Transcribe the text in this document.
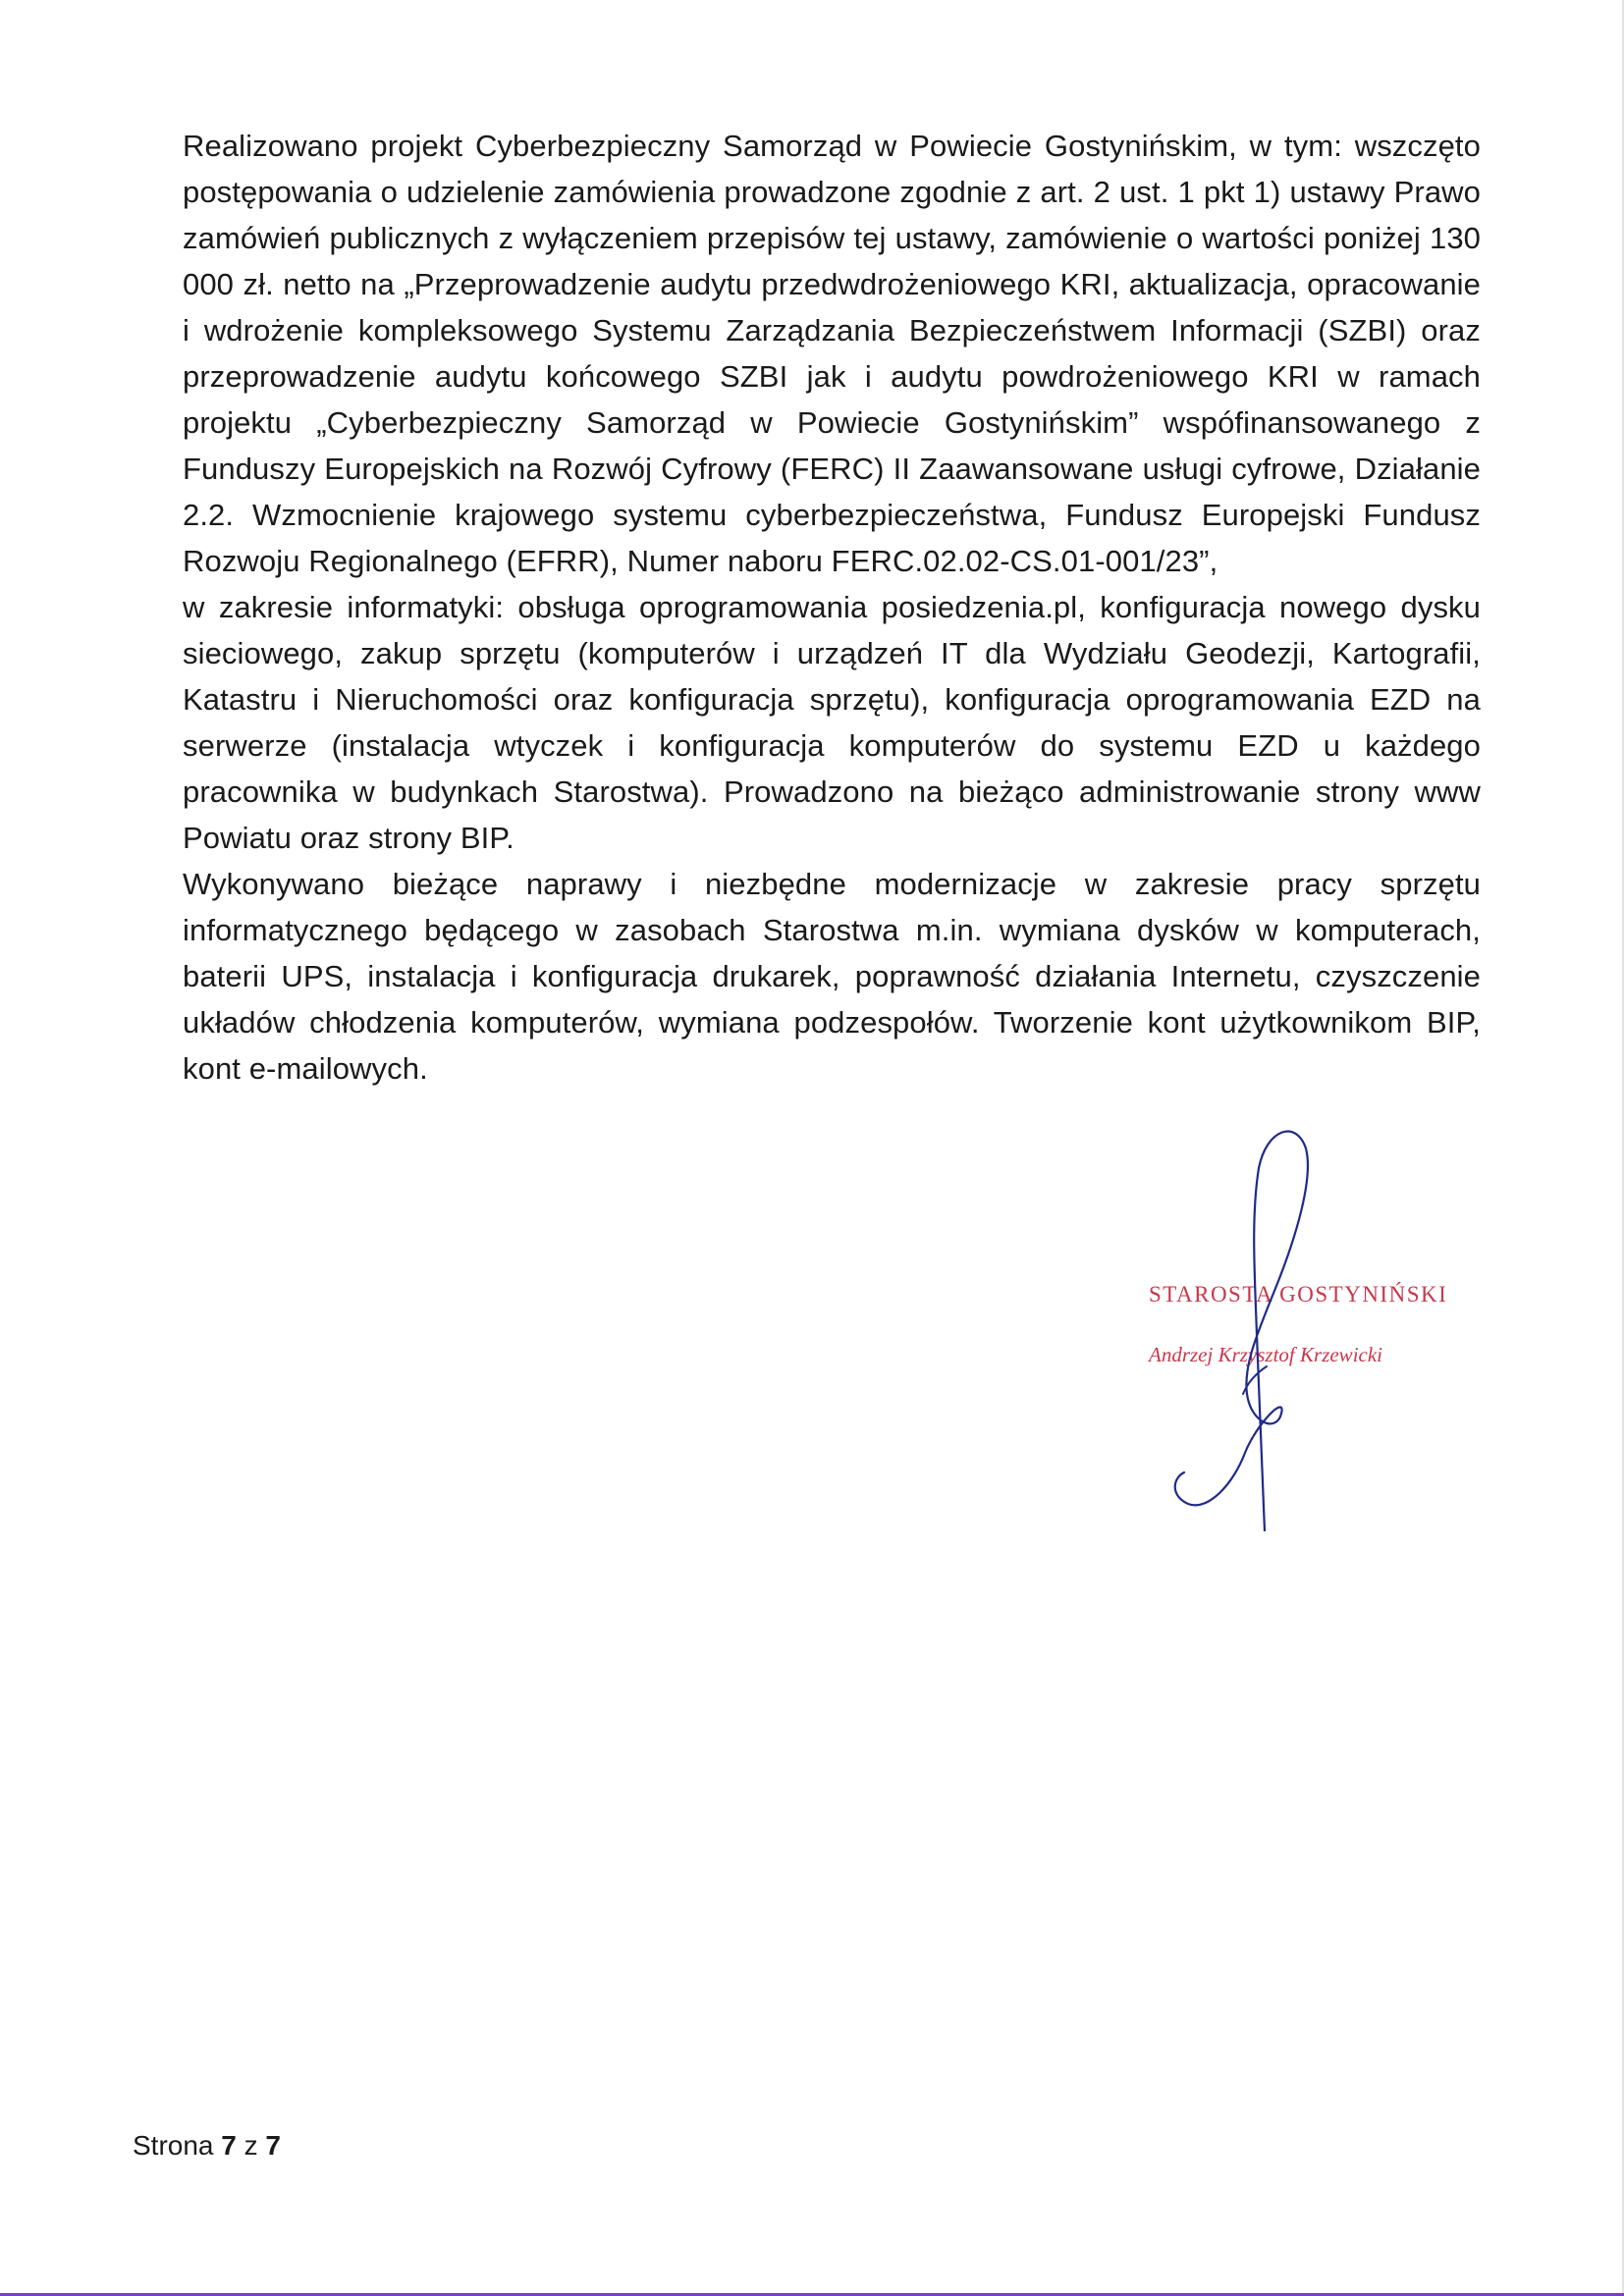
Realizowano projekt Cyberbezpieczny Samorząd w Powiecie Gostynińskim, w tym: wszczęto postępowania o udzielenie zamówienia prowadzone zgodnie z art. 2 ust. 1 pkt 1) ustawy Prawo zamówień publicznych z wyłączeniem przepisów tej ustawy, zamówienie o wartości poniżej 130 000 zł. netto na „Przeprowadzenie audytu przedwdrożeniowego KRI, aktualizacja, opracowanie i wdrożenie kompleksowego Systemu Zarządzania Bezpieczeństwem Informacji (SZBI) oraz przeprowadzenie audytu końcowego SZBI jak i audytu powdrożeniowego KRI w ramach projektu „Cyberbezpieczny Samorząd w Powiecie Gostynińskim” wspófinansowanego z Funduszy Europejskich na Rozwój Cyfrowy (FERC) II Zaawansowane usługi cyfrowe, Działanie 2.2. Wzmocnienie krajowego systemu cyberbezpieczeństwa, Fundusz Europejski Fundusz Rozwoju Regionalnego (EFRR), Numer naboru FERC.02.02-CS.01-001/23”,

w zakresie informatyki: obsługa oprogramowania posiedzenia.pl, konfiguracja nowego dysku sieciowego, zakup sprzętu (komputerów i urządzeń IT dla Wydziału Geodezji, Kartografii, Katastru i Nieruchomości oraz konfiguracja sprzętu), konfiguracja oprogramowania EZD na serwerze (instalacja wtyczek i konfiguracja komputerów do systemu EZD u każdego pracownika w budynkach Starostwa). Prowadzono na bieżąco administrowanie strony www Powiatu oraz strony BIP.

Wykonywano bieżące naprawy i niezbędne modernizacje w zakresie pracy sprzętu informatycznego będącego w zasobach Starostwa m.in. wymiana dysków w komputerach, baterii UPS, instalacja i konfiguracja drukarek, poprawność działania Internetu, czyszczenie układów chłodzenia komputerów, wymiana podzespołów. Tworzenie kont użytkownikom BIP, kont e-mailowych.

STAROSTA GOSTYNIŃSKI
Andrzej Krzysztof Krzewicki
Strona 7 z 7
